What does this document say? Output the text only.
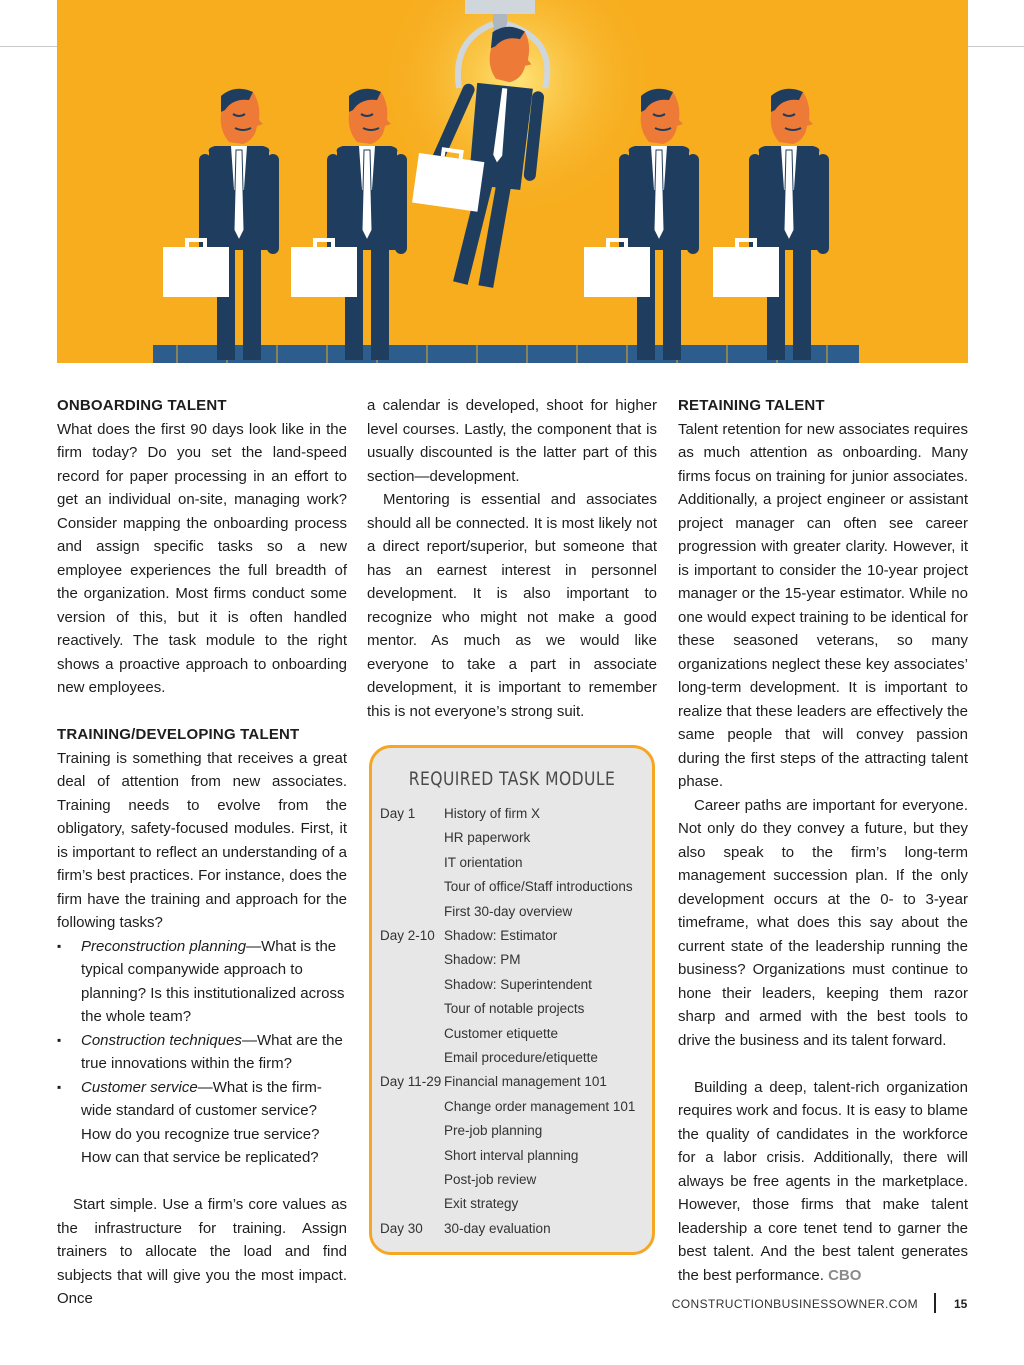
ONBOARDING TALENT

What does the first 90 days look like in the firm today? Do you set the land-speed record for paper processing in an effort to get an individual on-site, managing work? Consider mapping the onboarding process and assign specific tasks so a new employee experiences the full breadth of the organization. Most firms conduct some version of this, but it is often handled reactively. The task module to the right shows a proactive approach to onboarding new employees.

TRAINING/DEVELOPING TALENT

Training is something that receives a great deal of attention from new associates. Training needs to evolve from the obligatory, safety-focused modules. First, it is important to reflect an understanding of a firm’s best practices. For instance, does the firm have the training and approach for the following tasks?

▪ Preconstruction planning—What is the typical companywide approach to planning? Is this institutionalized across the whole team?
▪ Construction techniques—What are the true innovations within the firm?
▪ Customer service—What is the firm-wide standard of customer service? How do you recognize true service? How can that service be replicated?

Start simple. Use a firm’s core values as the infrastructure for training. Assign trainers to allocate the load and find subjects that will give you the most impact. Once

a calendar is developed, shoot for higher level courses. Lastly, the component that is usually discounted is the latter part of this section—development.

Mentoring is essential and associates should all be connected. It is most likely not a direct report/superior, but someone that has an earnest interest in personnel development. It is also important to recognize who might not make a good mentor. As much as we would like everyone to take a part in associate development, it is important to remember this is not everyone’s strong suit.

REQUIRED TASK MODULE
Day 1	History of firm X
HR paperwork
IT orientation
Tour of office/Staff introductions
First 30-day overview
Day 2-10 Shadow: Estimator
Shadow: PM
Shadow: Superintendent
Tour of notable projects
Customer etiquette
Email procedure/etiquette
Day 11-29 Financial management 101
Change order management 101
Pre-job planning
Short interval planning
Post-job review
Exit strategy
Day 30	30-day evaluation
RETAINING TALENT

Talent retention for new associates requires as much attention as onboarding. Many firms focus on training for junior associates. Additionally, a project engineer or assistant project manager can often see career progression with greater clarity. However, it is important to consider the 10-year project manager or the 15-year estimator. While no one would expect training to be identical for these seasoned veterans, so many organizations neglect these key associates’ long-term development. It is important to realize that these leaders are effectively the same people that will convey passion during the first steps of the attracting talent phase.

Career paths are important for everyone. Not only do they convey a future, but they also speak to the firm’s long-term management succession plan. If the only development occurs at the 0- to 3-year timeframe, what does this say about the current state of the leadership running the business? Organizations must continue to hone their leaders, keeping them razor sharp and armed with the best tools to drive the business and its talent forward.

Building a deep, talent-rich organization requires work and focus. It is easy to blame the quality of candidates in the workforce for a labor crisis. Additionally, there will always be free agents in the marketplace. However, those firms that make talent leadership a core tenet tend to garner the best talent. And the best talent generates the best performance. CBO

CONSTRUCTIONBUSINESSOWNER.COM	15
